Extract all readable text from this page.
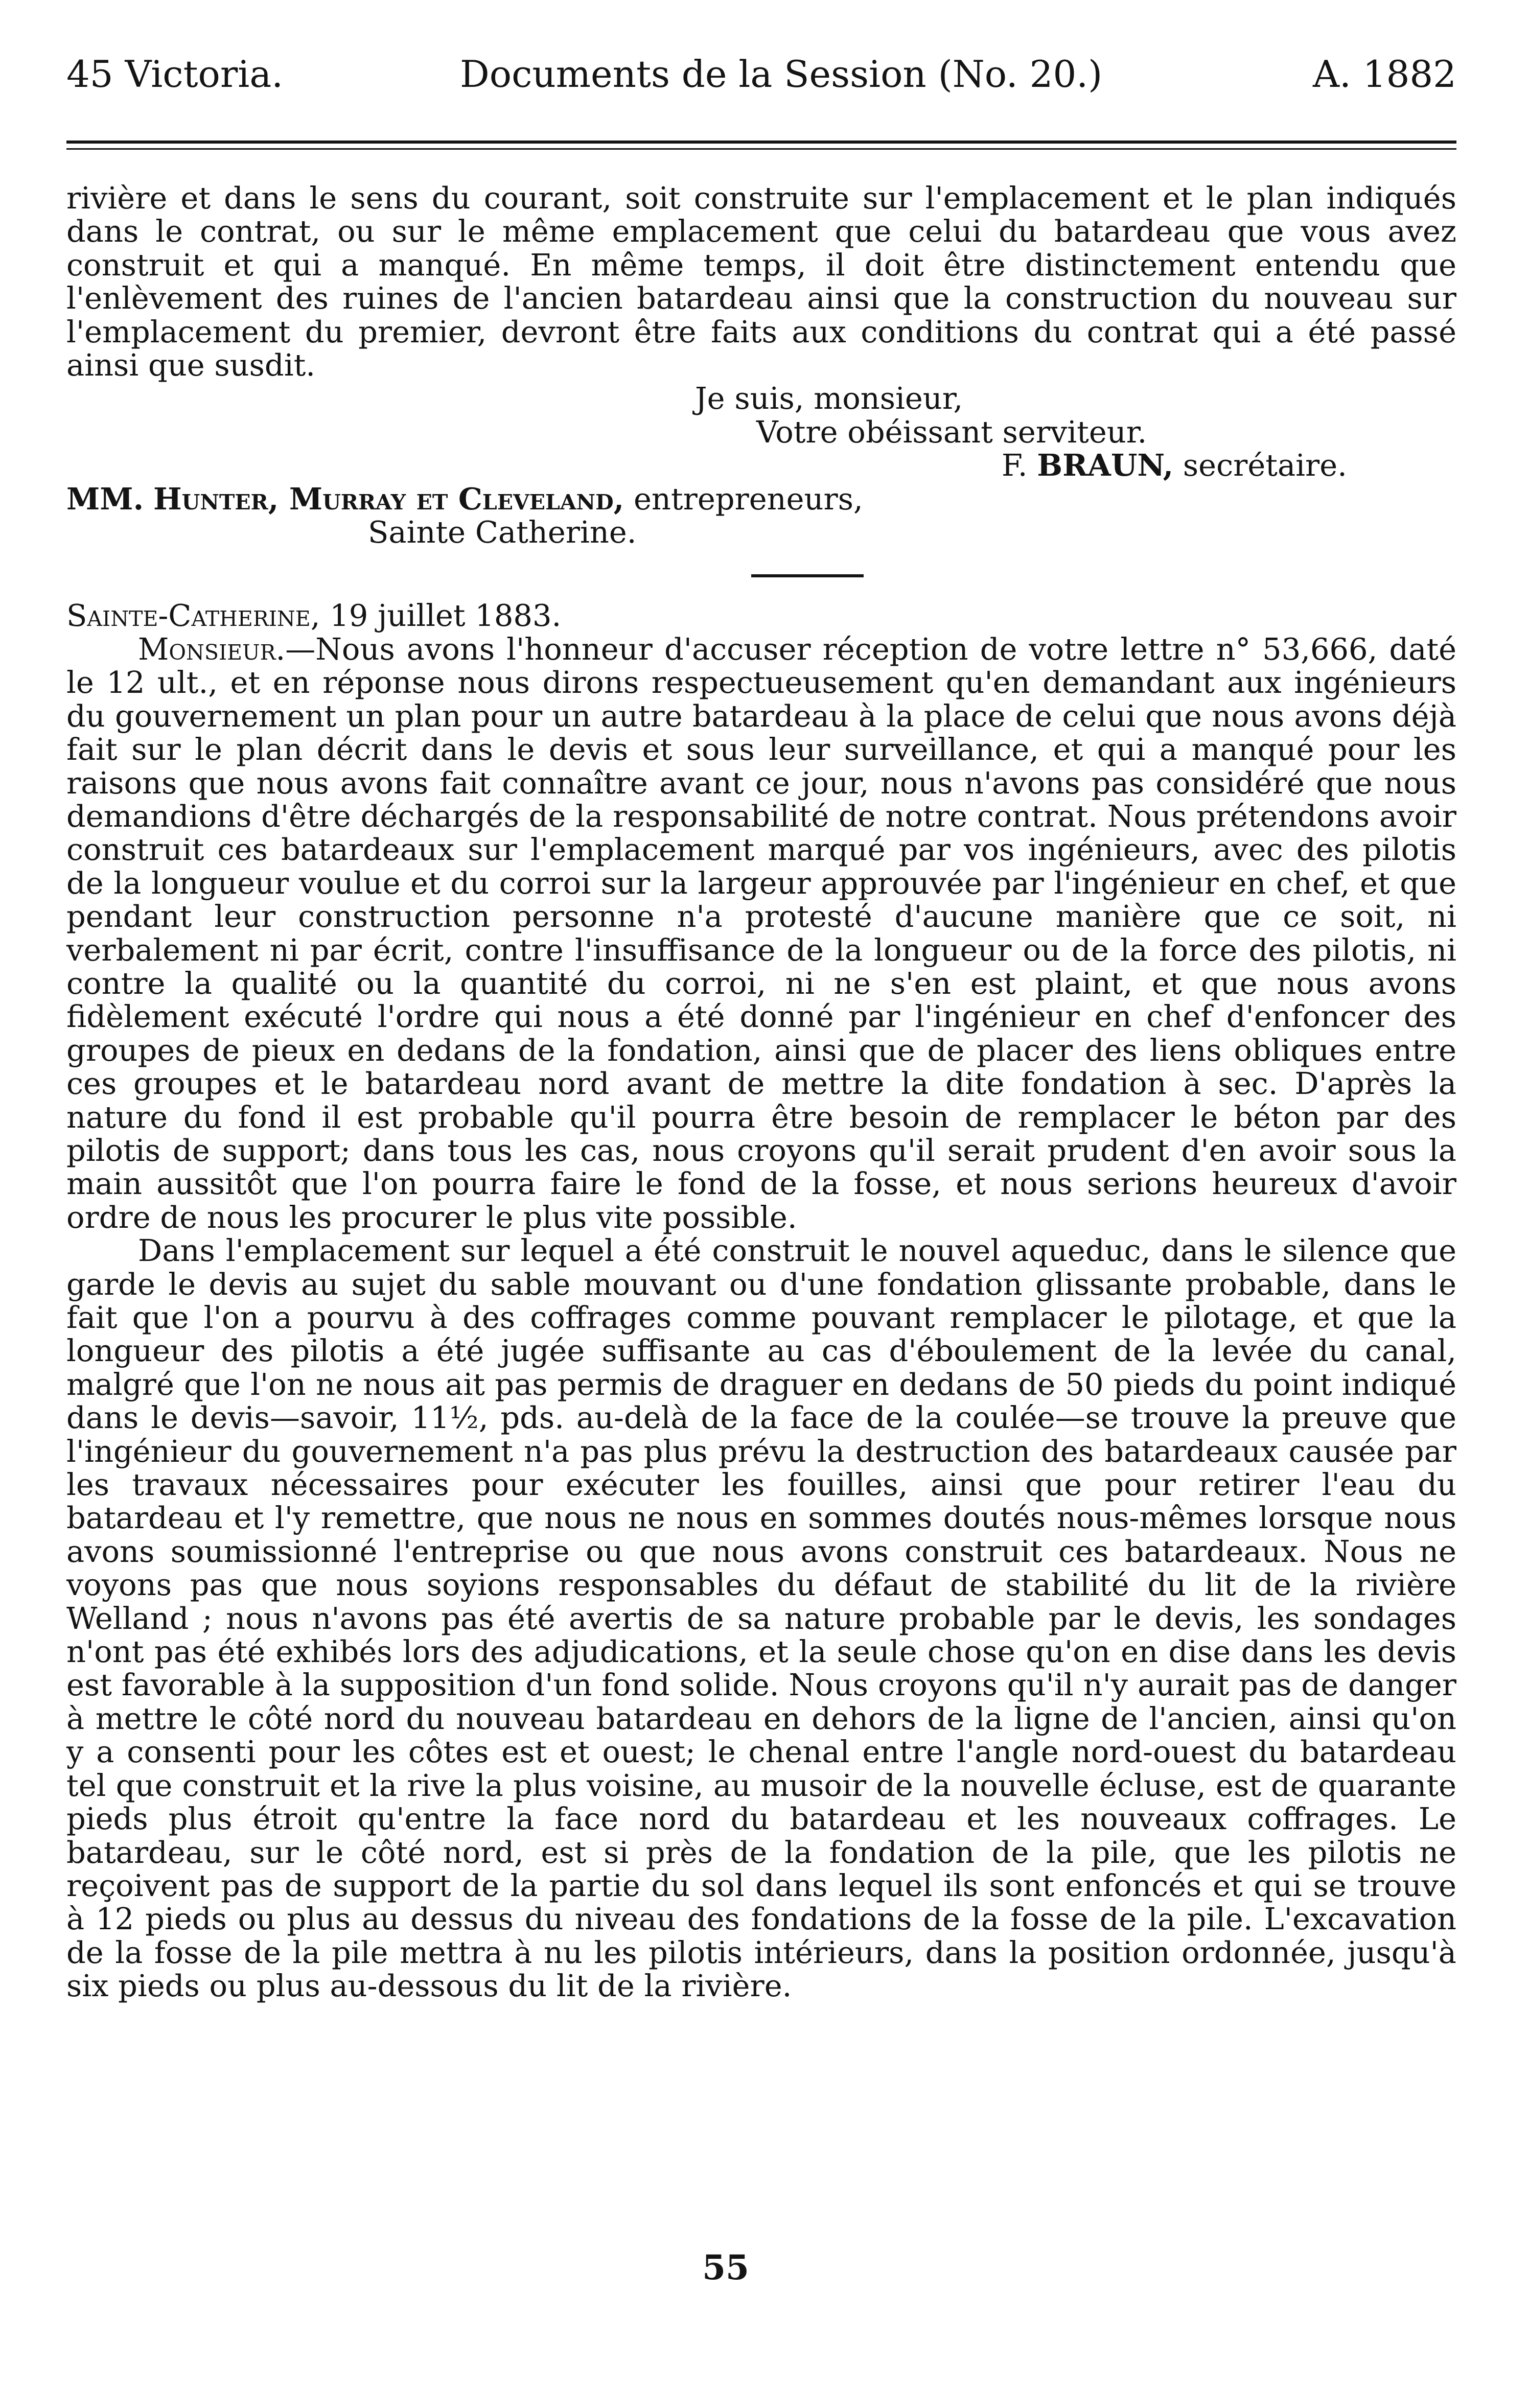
45 Victoria.	Documents de la Session (No. 20.)	A. 1882

rivière et dans le sens du courant, soit construite sur l'emplacement et le plan indiqués dans le contrat, ou sur le même emplacement que celui du batardeau que vous avez construit et qui a manqué. En même temps, il doit être distinctement entendu que l'enlèvement des ruines de l'ancien batardeau ainsi que la construction du nouveau sur l'emplacement du premier, devront être faits aux conditions du contrat qui a été passé ainsi que susdit.

Je suis, monsieur,

Votre obéissant serviteur.

F. BRAUN, secrétaire.

MM. Hunter, Murray et Cleveland, entrepreneurs,

Sainte Catherine.

Sainte-Catherine, 19 juillet 1883.

Monsieur.—Nous avons l'honneur d'accuser réception de votre lettre n° 53,666, daté le 12 ult., et en réponse nous dirons respectueusement qu'en demandant aux ingénieurs du gouvernement un plan pour un autre batardeau à la place de celui que nous avons déjà fait sur le plan décrit dans le devis et sous leur surveillance, et qui a manqué pour les raisons que nous avons fait connaître avant ce jour, nous n'avons pas considéré que nous demandions d'être déchargés de la responsabilité de notre contrat. Nous prétendons avoir construit ces batardeaux sur l'emplacement marqué par vos ingénieurs, avec des pilotis de la longueur voulue et du corroi sur la largeur approuvée par l'ingénieur en chef, et que pendant leur construction personne n'a protesté d'aucune manière que ce soit, ni verbalement ni par écrit, contre l'insuffisance de la longueur ou de la force des pilotis, ni contre la qualité ou la quantité du corroi, ni ne s'en est plaint, et que nous avons fidèlement exécuté l'ordre qui nous a été donné par l'ingénieur en chef d'enfoncer des groupes de pieux en dedans de la fondation, ainsi que de placer des liens obliques entre ces groupes et le batardeau nord avant de mettre la dite fondation à sec. D'après la nature du fond il est probable qu'il pourra être besoin de remplacer le béton par des pilotis de support; dans tous les cas, nous croyons qu'il serait prudent d'en avoir sous la main aussitôt que l'on pourra faire le fond de la fosse, et nous serions heureux d'avoir ordre de nous les procurer le plus vite possible.

Dans l'emplacement sur lequel a été construit le nouvel aqueduc, dans le silence que garde le devis au sujet du sable mouvant ou d'une fondation glissante probable, dans le fait que l'on a pourvu à des coffrages comme pouvant remplacer le pilotage, et que la longueur des pilotis a été jugée suffisante au cas d'éboulement de la levée du canal, malgré que l'on ne nous ait pas permis de draguer en dedans de 50 pieds du point indiqué dans le devis—savoir, 11½, pds. au-delà de la face de la coulée—se trouve la preuve que l'ingénieur du gouvernement n'a pas plus prévu la destruction des batardeaux causée par les travaux nécessaires pour exécuter les fouilles, ainsi que pour retirer l'eau du batardeau et l'y remettre, que nous ne nous en sommes doutés nous-mêmes lorsque nous avons soumissionné l'entreprise ou que nous avons construit ces batardeaux. Nous ne voyons pas que nous soyions responsables du défaut de stabilité du lit de la rivière Welland ; nous n'avons pas été avertis de sa nature probable par le devis, les sondages n'ont pas été exhibés lors des adjudications, et la seule chose qu'on en dise dans les devis est favorable à la supposition d'un fond solide. Nous croyons qu'il n'y aurait pas de danger à mettre le côté nord du nouveau batardeau en dehors de la ligne de l'ancien, ainsi qu'on y a consenti pour les côtes est et ouest; le chenal entre l'angle nord-ouest du batardeau tel que construit et la rive la plus voisine, au musoir de la nouvelle écluse, est de quarante pieds plus étroit qu'entre la face nord du batardeau et les nouveaux coffrages. Le batardeau, sur le côté nord, est si près de la fondation de la pile, que les pilotis ne reçoivent pas de support de la partie du sol dans lequel ils sont enfoncés et qui se trouve à 12 pieds ou plus au dessus du niveau des fondations de la fosse de la pile. L'excavation de la fosse de la pile mettra à nu les pilotis intérieurs, dans la position ordonnée, jusqu'à six pieds ou plus au-dessous du lit de la rivière.

55
